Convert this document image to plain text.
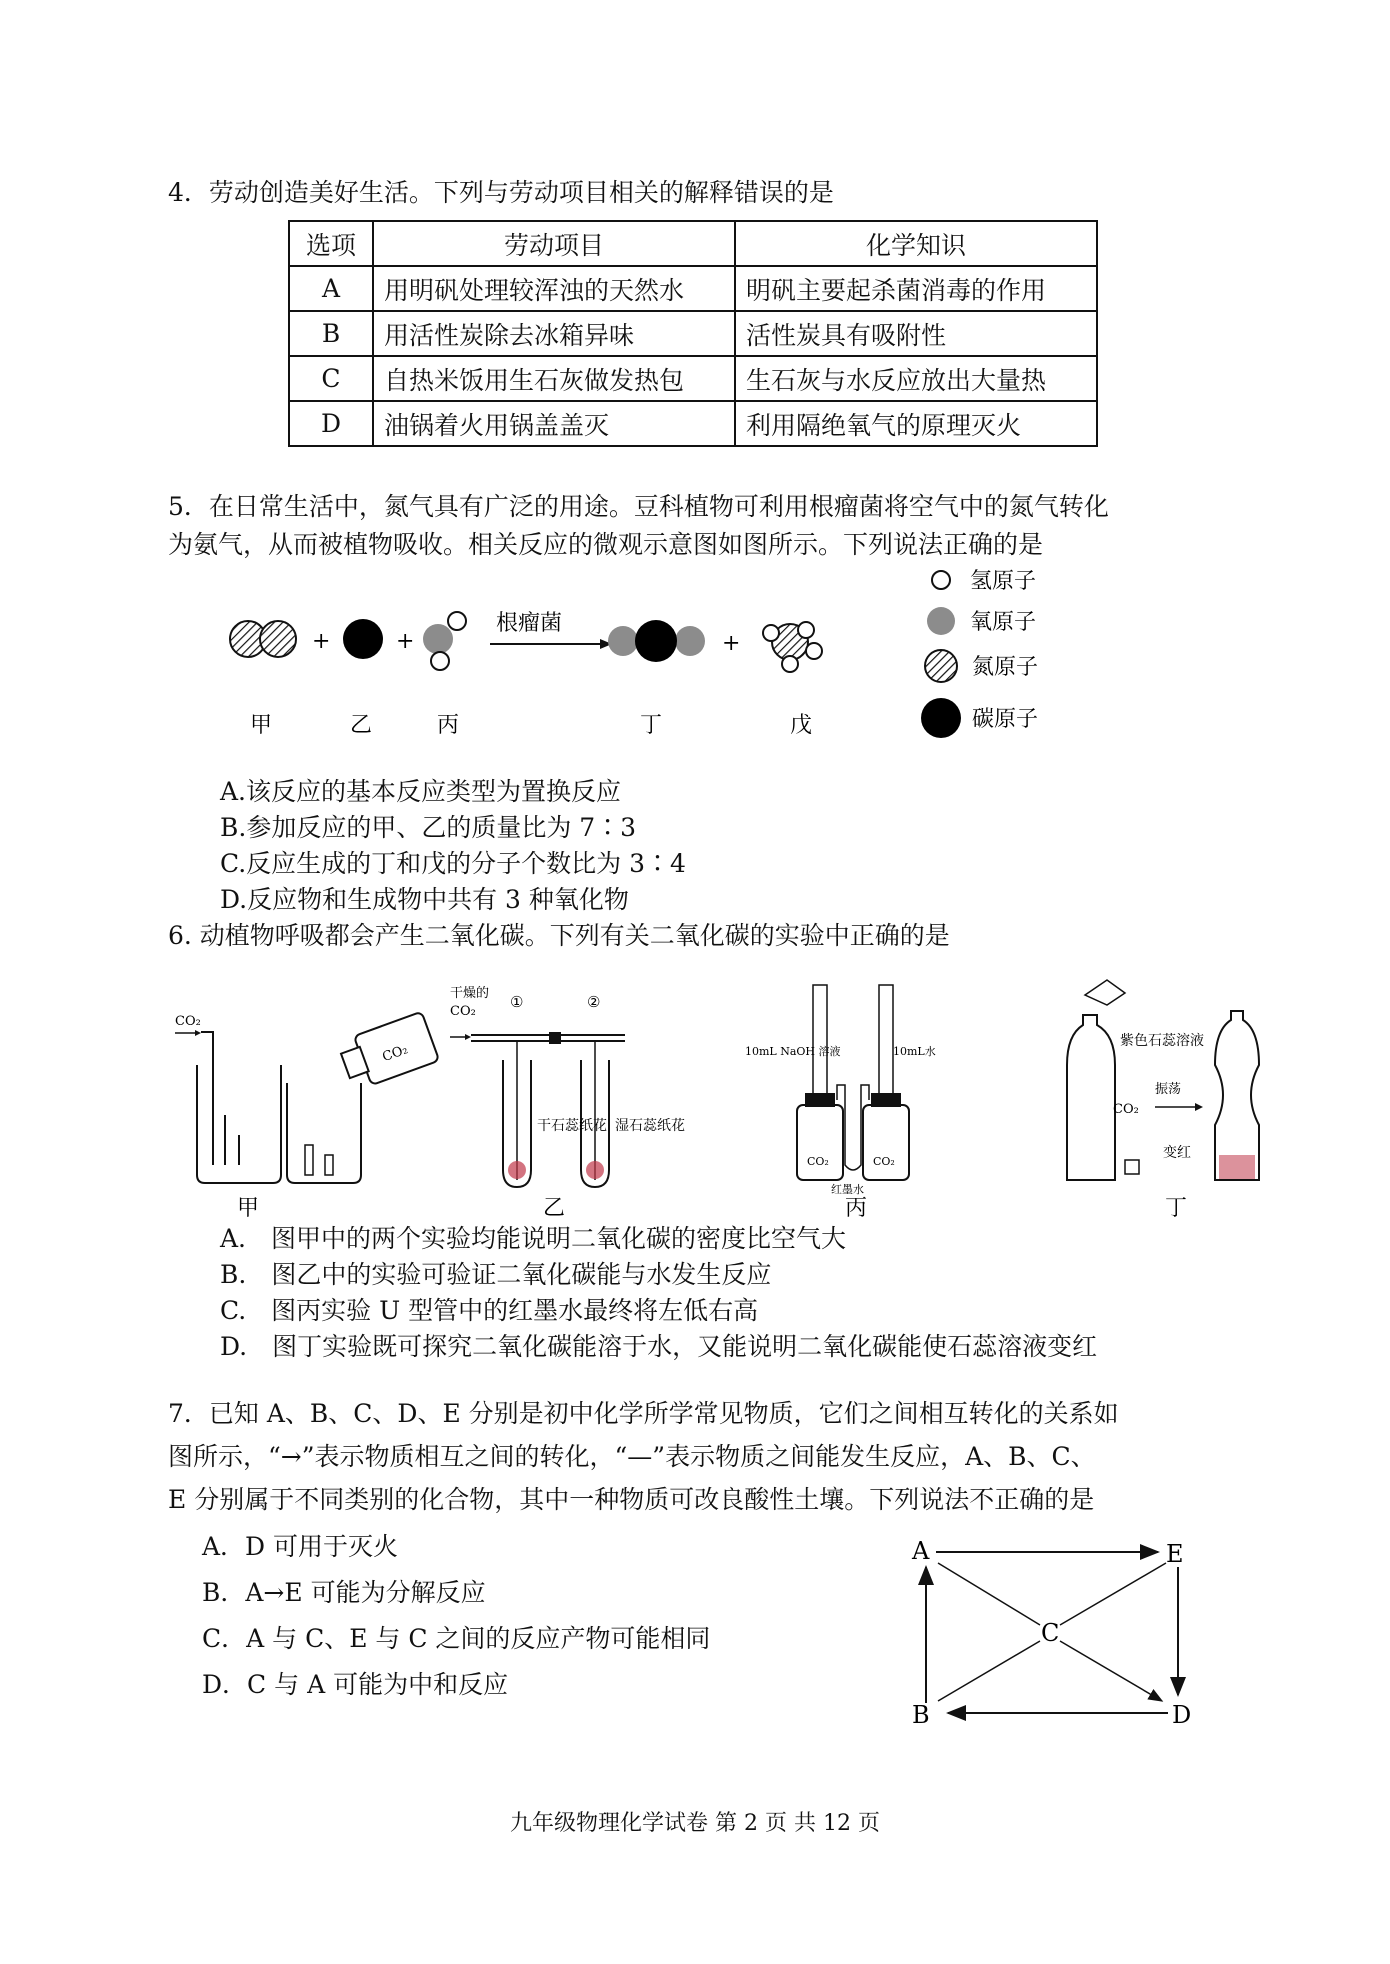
4．劳动创造美好生活。下列与劳动项目相关的解释错误的是
选项	劳动项目	化学知识
A	用明矾处理较浑浊的天然水	明矾主要起杀菌消毒的作用
B	用活性炭除去冰箱异味	活性炭具有吸附性
C	自热米饭用生石灰做发热包	生石灰与水反应放出大量热
D	油锅着火用锅盖盖灭	利用隔绝氧气的原理灭火
5．在日常生活中，氮气具有广泛的用途。豆科植物可利用根瘤菌将空气中的氮气转化
为氨气，从而被植物吸收。相关反应的微观示意图如图所示。下列说法正确的是
+	+
根瘤菌
+
甲	乙	丙	丁	戊
氢原子
氧原子
氮原子
碳原子
A.该反应的基本反应类型为置换反应
B.参加反应的甲、乙的质量比为 7∶3
C.反应生成的丁和戊的分子个数比为 3∶4
D.反应物和生成物中共有 3 种氧化物
6. 动植物呼吸都会产生二氧化碳。下列有关二氧化碳的实验中正确的是
CO₂
CO₂
甲
干燥的
CO₂
①	②
干石蕊纸花 湿石蕊纸花
乙
10mL NaOH 溶液	10mL水
CO₂	CO₂
红墨水
丙
紫色石蕊溶液
CO₂
振荡
变红
丁
A.　图甲中的两个实验均能说明二氧化碳的密度比空气大
B.　图乙中的实验可验证二氧化碳能与水发生反应
C.　图丙实验 U 型管中的红墨水最终将左低右高
D.　图丁实验既可探究二氧化碳能溶于水，又能说明二氧化碳能使石蕊溶液变红
7．已知 A、B、C、D、E 分别是初中化学所学常见物质，它们之间相互转化的关系如
图所示，“→”表示物质相互之间的转化，“—”表示物质之间能发生反应，A、B、C、
E 分别属于不同类别的化合物，其中一种物质可改良酸性土壤。下列说法不正确的是
A．D 可用于灭火
B．A→E 可能为分解反应
C．A 与 C、E 与 C 之间的反应产物可能相同
D．C 与 A 可能为中和反应
A	E
C
B	D
九年级物理化学试卷 第 2 页 共 12 页
